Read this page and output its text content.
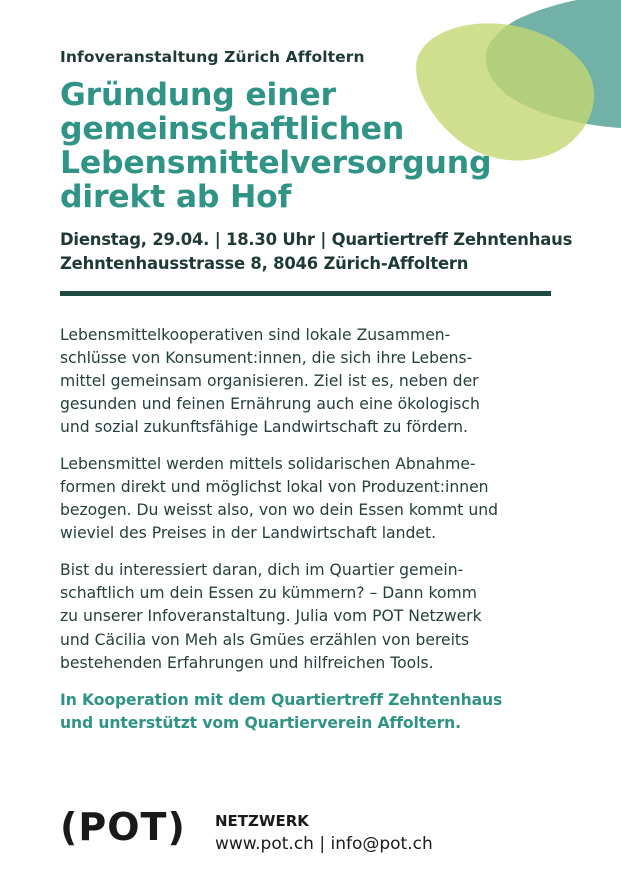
Infoveranstaltung Zürich Affoltern
Gründung einer
gemeinschaftlichen
Lebensmittelversorgung
direkt ab Hof
Dienstag, 29.04. | 18.30 Uhr | Quartiertreff Zehntenhaus
Zehntenhausstrasse 8, 8046 Zürich-Affoltern

Lebensmittelkooperativen sind lokale Zusammen-
schlüsse von Konsument:innen, die sich ihre Lebens-
mittel gemeinsam organisieren. Ziel ist es, neben der
gesunden und feinen Ernährung auch eine ökologisch
und sozial zukunftsfähige Landwirtschaft zu fördern.

Lebensmittel werden mittels solidarischen Abnahme-
formen direkt und möglichst lokal von Produzent:innen
bezogen. Du weisst also, von wo dein Essen kommt und
wieviel des Preises in der Landwirtschaft landet.

Bist du interessiert daran, dich im Quartier gemein-
schaftlich um dein Essen zu kümmern? – Dann komm
zu unserer Infoveranstaltung. Julia vom POT Netzwerk
und Cäcilia von Meh als Gmües erzählen von bereits
bestehenden Erfahrungen und hilfreichen Tools.

In Kooperation mit dem Quartiertreff Zehntenhaus
und unterstützt vom Quartierverein Affoltern.

(POT) NETZWERK
www.pot.ch | info@pot.ch
